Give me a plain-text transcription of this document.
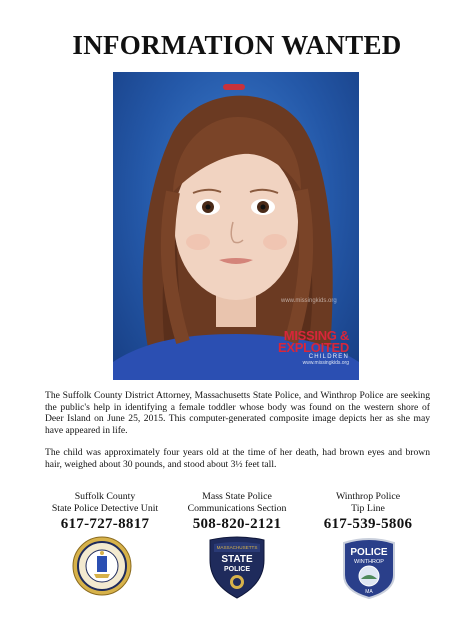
INFORMATION WANTED
www.missingkids.org
MISSING &
EXPLOITED
CHILDREN
www.missingkids.org
The Suffolk County District Attorney, Massachusetts State Police, and Winthrop Police are seeking the public's help in identifying a female toddler whose body was found on the western shore of Deer Island on June 25, 2015. This computer-generated composite image depicts her as she may have appeared in life.
The child was approximately four years old at the time of her death, had brown eyes and brown hair, weighed about 30 pounds, and stood about 3½ feet tall.
Suffolk County
State Police Detective Unit
617-727-8817
Mass State Police
Communications Section
508-820-2121
Winthrop Police
Tip Line
617-539-5806
MASSACHUSETTS
STATE
POLICE
POLICE
WINTHROP
MA
